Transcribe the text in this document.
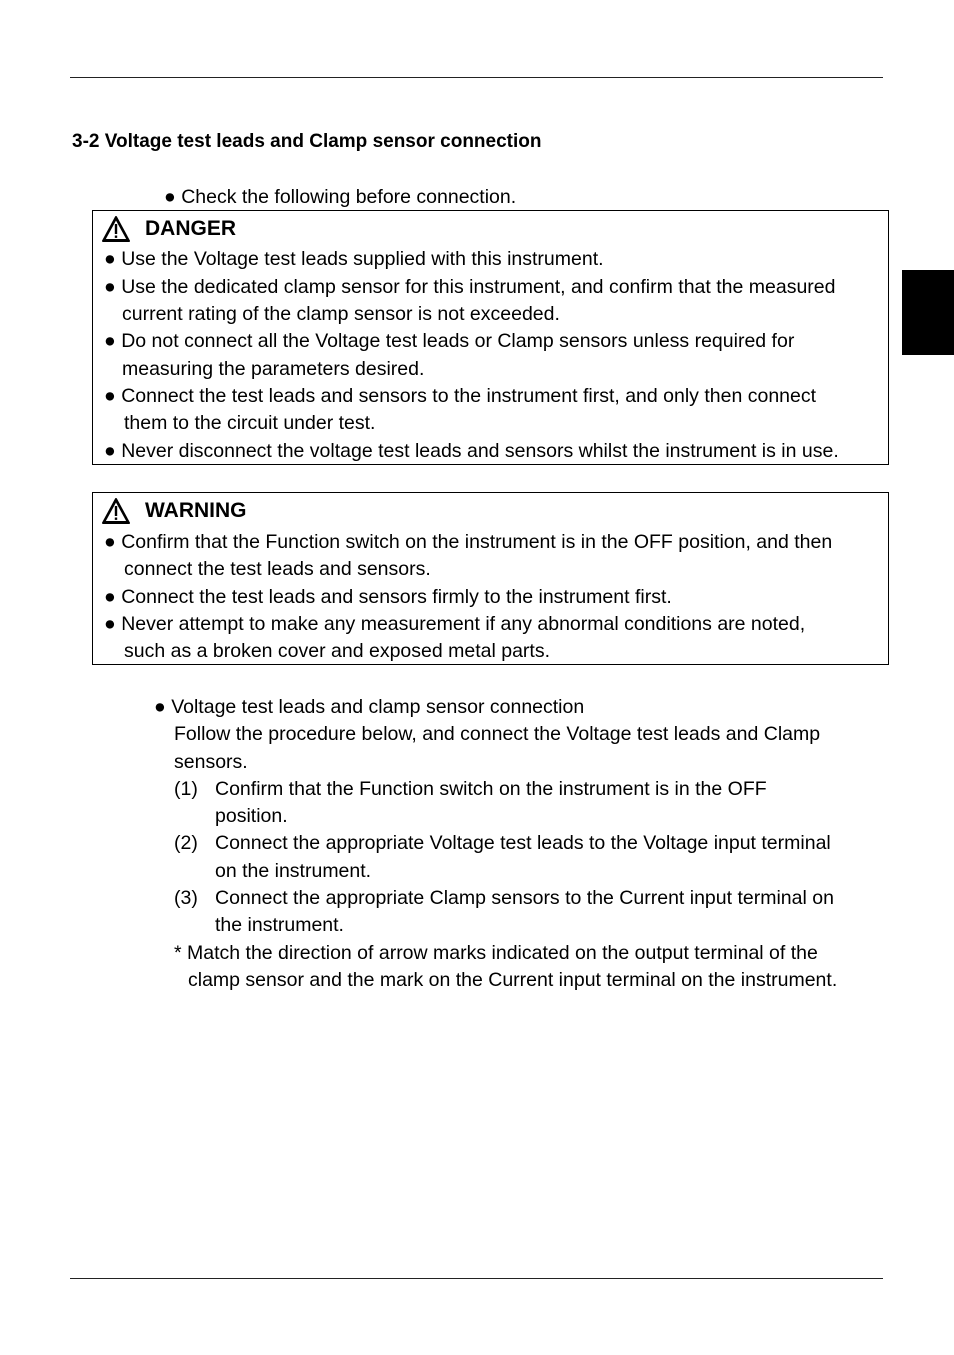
3-2 Voltage test leads and Clamp sensor connection
● Check the following before connection.
DANGER
● Use the Voltage test leads supplied with this instrument.
● Use the dedicated clamp sensor for this instrument, and confirm that the measured
current rating of the clamp sensor is not exceeded.
● Do not connect all the Voltage test leads or Clamp sensors unless required for
measuring the parameters desired.
● Connect the test leads and sensors to the instrument first, and only then connect
them to the circuit under test.
● Never disconnect the voltage test leads and sensors whilst the instrument is in use.
WARNING
● Confirm that the Function switch on the instrument is in the OFF position, and then
connect the test leads and sensors.
● Connect the test leads and sensors firmly to the instrument first.
● Never attempt to make any measurement if any abnormal conditions are noted,
such as a broken cover and exposed metal parts.
● Voltage test leads and clamp sensor connection
Follow the procedure below, and connect the Voltage test leads and Clamp
sensors.
(1) Confirm that the Function switch on the instrument is in the OFF
position.
(2) Connect the appropriate Voltage test leads to the Voltage input terminal
on the instrument.
(3) Connect the appropriate Clamp sensors to the Current input terminal on
the instrument.
* Match the direction of arrow marks indicated on the output terminal of the
clamp sensor and the mark on the Current input terminal on the instrument.
